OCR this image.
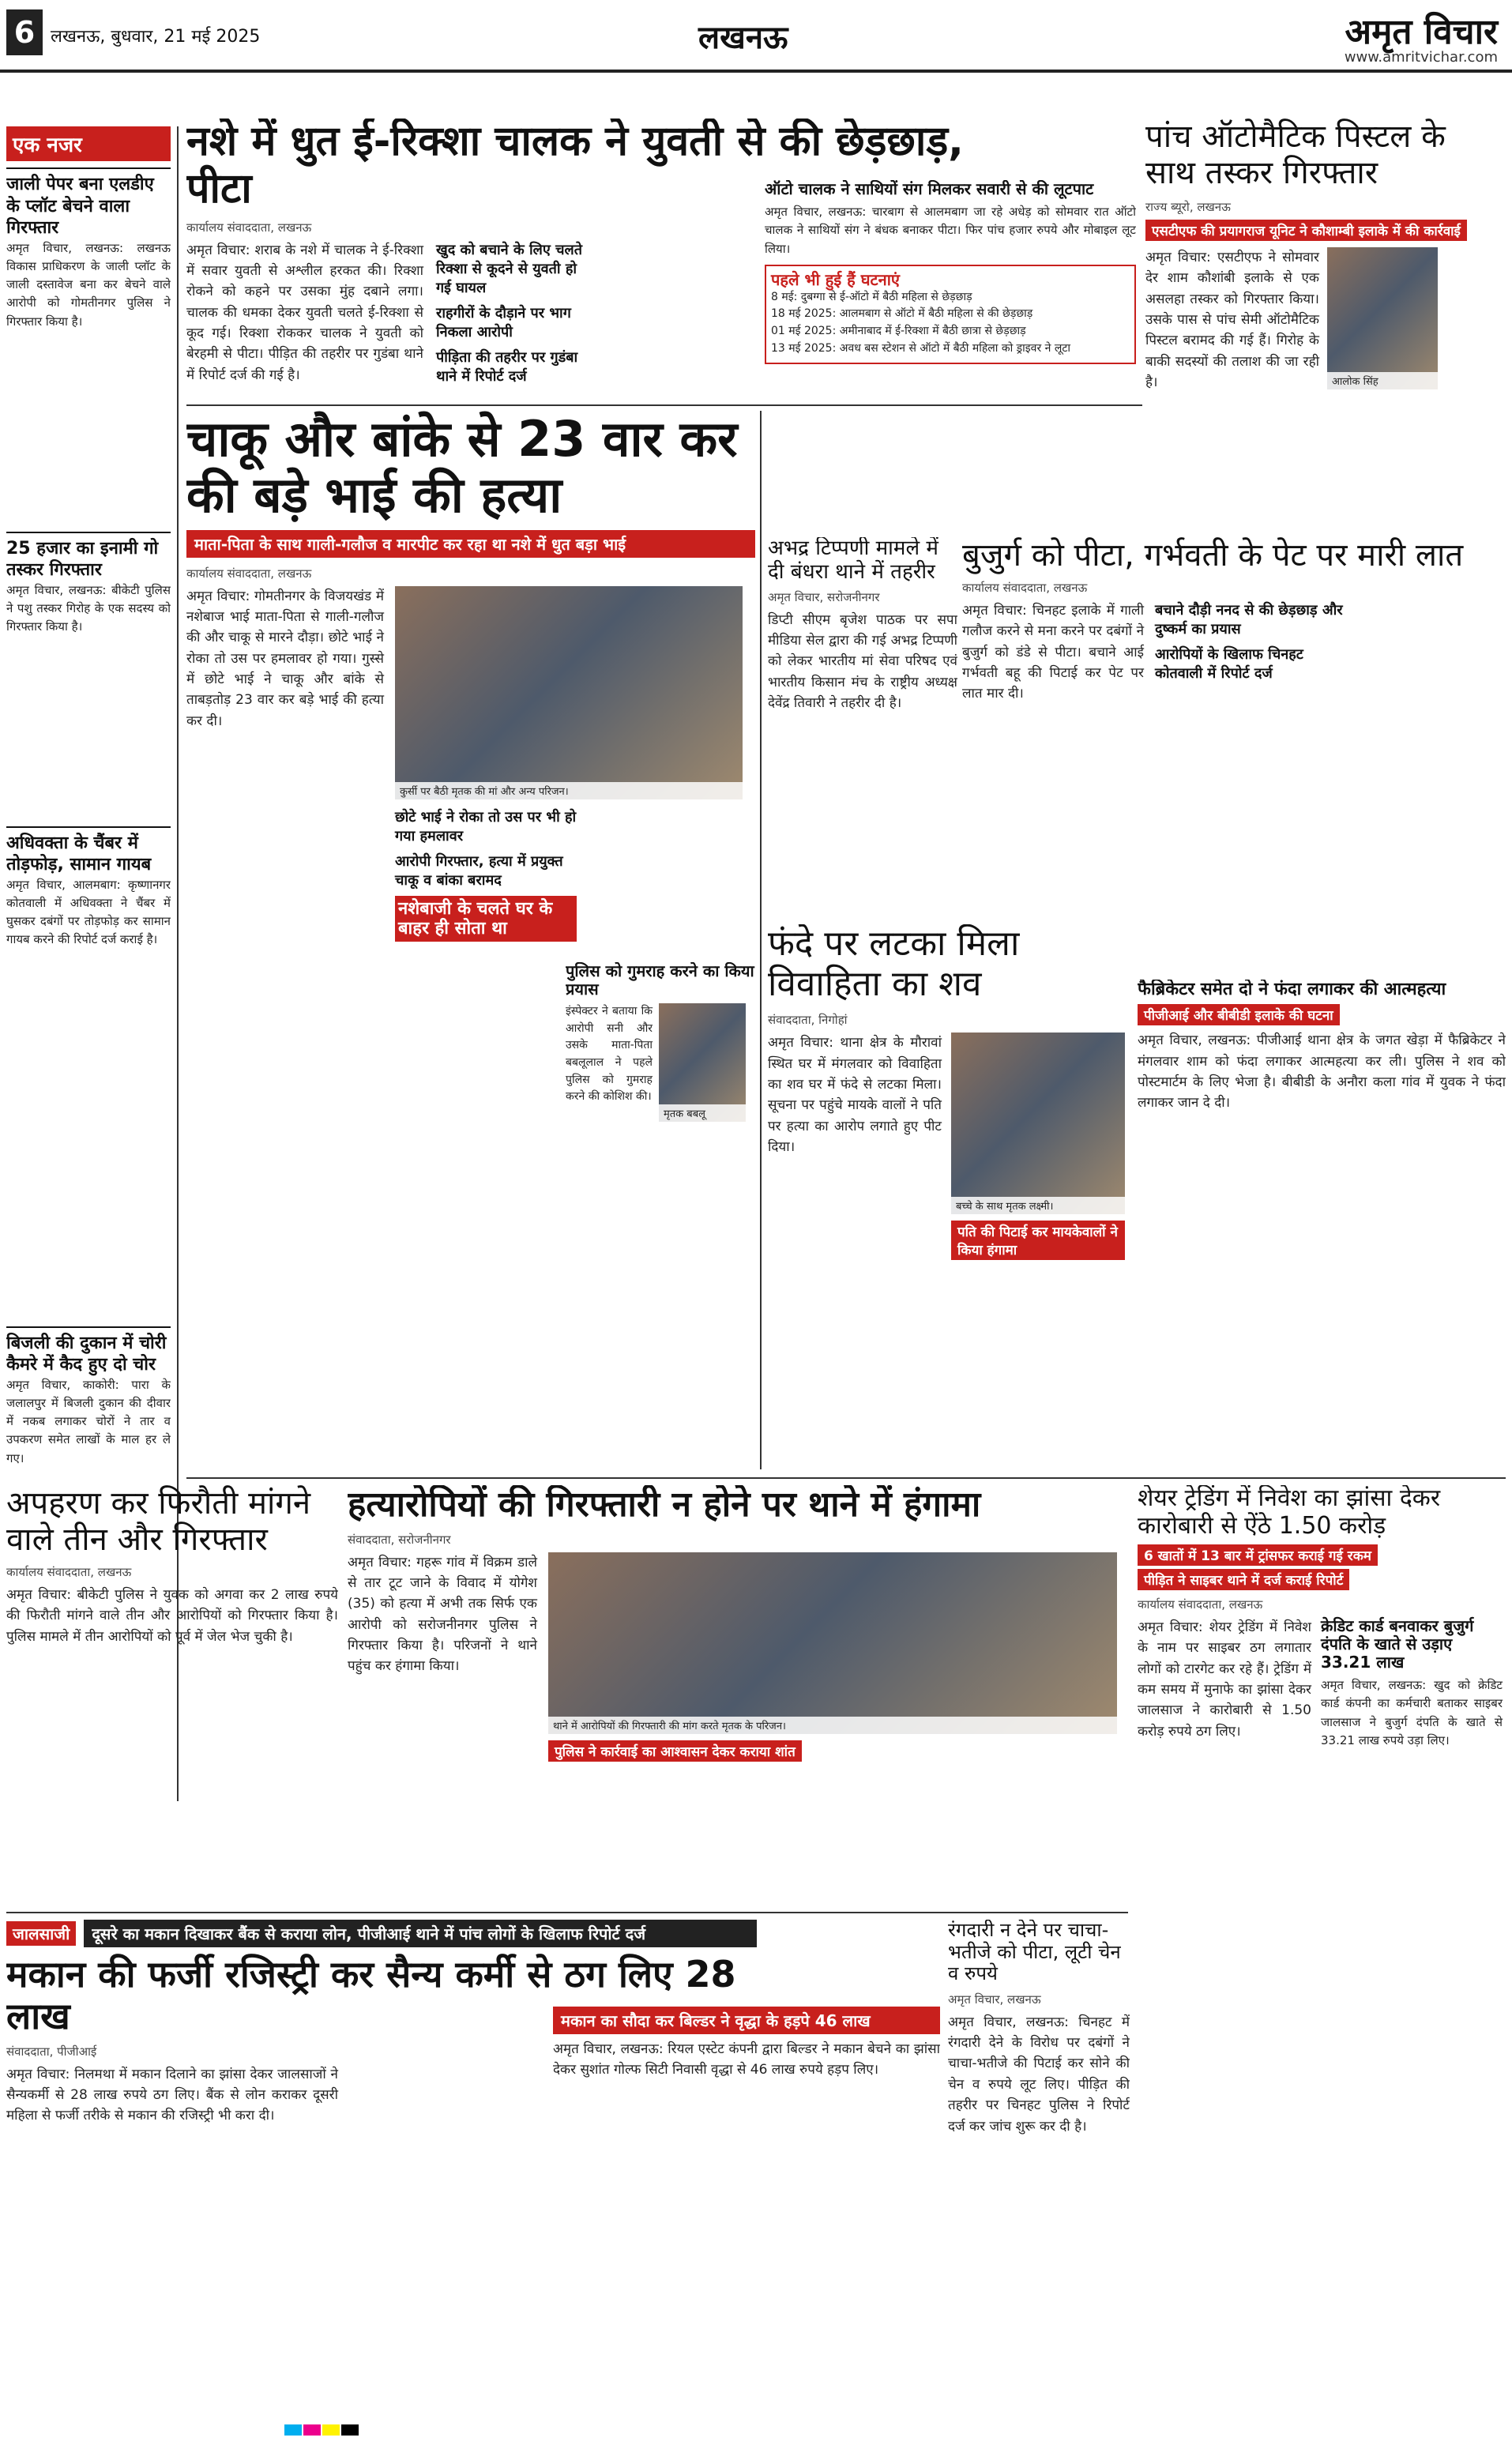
6 लखनऊ, बुधवार, 21 मई 2025	लखनऊ	अमृत विचार
www.amritvichar.com
एक नजर
जाली पेपर बना एलडीए के प्लॉट बेचने वाला गिरफ्तार
अमृत विचार, लखनऊ: लखनऊ विकास प्राधिकरण के जाली प्लॉट के जाली दस्तावेज बना कर बेचने वाले आरोपी को गोमतीनगर पुलिस ने गिरफ्तार किया है।
25 हजार का इनामी गो तस्कर गिरफ्तार
अमृत विचार, लखनऊ: बीकेटी पुलिस ने पशु तस्कर गिरोह के एक सदस्य को गिरफ्तार किया है।
अधिवक्ता के चैंबर में तोड़फोड़, सामान गायब
अमृत विचार, आलमबाग: कृष्णानगर कोतवाली में अधिवक्ता ने चैंबर में घुसकर दबंगों पर तोड़फोड़ कर सामान गायब करने की रिपोर्ट दर्ज कराई है।
बिजली की दुकान में चोरी कैमरे में कैद हुए दो चोर
अमृत विचार, काकोरी: पारा के जलालपुर में बिजली दुकान की दीवार में नकब लगाकर चोरों ने तार व उपकरण समेत लाखों के माल हर ले गए।
नशे में धुत ई-रिक्शा चालक ने युवती से की छेड़छाड़, पीटा
कार्यालय संवाददाता, लखनऊ
अमृत विचार: शराब के नशे में चालक ने ई-रिक्शा में सवार युवती से अश्लील हरकत की। रिक्शा रोकने को कहने पर उसका मुंह दबाने लगा। चालक की धमका देकर युवती चलते ई-रिक्शा से कूद गई। रिक्शा रोककर चालक ने युवती को बेरहमी से पीटा। पीड़ित की तहरीर पर गुडंबा थाने में रिपोर्ट दर्ज की गई है।
खुद को बचाने के लिए चलते रिक्शा से कूदने से युवती हो गई घायल
राहगीरों के दौड़ाने पर भाग निकला आरोपी
पीड़िता की तहरीर पर गुडंबा थाने में रिपोर्ट दर्ज
ऑटो चालक ने साथियों संग मिलकर सवारी से की लूटपाट
अमृत विचार, लखनऊ: चारबाग से आलमबाग जा रहे अधेड़ को सोमवार रात ऑटो चालक ने साथियों संग ने बंधक बनाकर पीटा। फिर पांच हजार रुपये और मोबाइल लूट लिया।
पहले भी हुई हैं घटनाएं
8 मई: दुबग्गा से ई-ऑटो में बैठी महिला से छेड़छाड़
18 मई 2025: आलमबाग से ऑटो में बैठी महिला से की छेड़छाड़
01 मई 2025: अमीनाबाद में ई-रिक्शा में बैठी छात्रा से छेड़छाड़
13 मई 2025: अवध बस स्टेशन से ऑटो में बैठी महिला को ड्राइवर ने लूटा
पांच ऑटोमैटिक पिस्टल के साथ तस्कर गिरफ्तार
राज्य ब्यूरो, लखनऊ
एसटीएफ की प्रयागराज यूनिट ने कौशाम्बी इलाके में की कार्रवाई
अमृत विचार: एसटीएफ ने सोमवार देर शाम कौशांबी इलाके से एक असलहा तस्कर को गिरफ्तार किया। उसके पास से पांच सेमी ऑटोमैटिक पिस्टल बरामद की गई हैं। गिरोह के बाकी सदस्यों की तलाश की जा रही है।	आलोक सिंह
चाकू और बांके से 23 वार कर की बड़े भाई की हत्या
माता-पिता के साथ गाली-गलौज व मारपीट कर रहा था नशे में धुत बड़ा भाई
कार्यालय संवाददाता, लखनऊ
अमृत विचार: गोमतीनगर के विजयखंड में नशेबाज भाई माता-पिता से गाली-गलौज की और चाकू से मारने दौड़ा। छोटे भाई ने रोका तो उस पर हमलावर हो गया। गुस्से में छोटे भाई ने चाकू और बांके से ताबड़तोड़ 23 वार कर बड़े भाई की हत्या कर दी।
कुर्सी पर बैठी मृतक की मां और अन्य परिजन।
छोटे भाई ने रोका तो उस पर भी हो गया हमलावर
आरोपी गिरफ्तार, हत्या में प्रयुक्त चाकू व बांका बरामद
नशेबाजी के चलते घर के बाहर ही सोता था
पुलिस को गुमराह करने का किया प्रयास
इंस्पेक्टर ने बताया कि आरोपी सनी और उसके माता-पिता बबलूलाल ने पहले पुलिस को गुमराह करने की कोशिश की।
मृतक बबलू
अभद्र टिप्पणी मामले में दी बंधरा थाने में तहरीर
अमृत विचार, सरोजनीनगर
डिप्टी सीएम बृजेश पाठक पर सपा मीडिया सेल द्वारा की गई अभद्र टिप्पणी को लेकर भारतीय मां सेवा परिषद एवं भारतीय किसान मंच के राष्ट्रीय अध्यक्ष देवेंद्र तिवारी ने तहरीर दी है।
बुजुर्ग को पीटा, गर्भवती के पेट पर मारी लात
कार्यालय संवाददाता, लखनऊ
अमृत विचार: चिनहट इलाके में गाली गलौज करने से मना करने पर दबंगों ने बुजुर्ग को डंडे से पीटा। बचाने आई गर्भवती बहू की पिटाई कर पेट पर लात मार दी।
बचाने दौड़ी ननद से की छेड़छाड़ और दुष्कर्म का प्रयास
आरोपियों के खिलाफ चिनहट कोतवाली में रिपोर्ट दर्ज
फंदे पर लटका मिला विवाहिता का शव
संवाददाता, निगोहां
अमृत विचार: थाना क्षेत्र के मौरावां स्थित घर में मंगलवार को विवाहिता का शव घर में फंदे से लटका मिला। सूचना पर पहुंचे मायके वालों ने पति पर हत्या का आरोप लगाते हुए पीट दिया।
बच्चे के साथ मृतक लक्ष्मी।
पति की पिटाई कर मायकेवालों ने किया हंगामा
फैब्रिकेटर समेत दो ने फंदा लगाकर की आत्महत्या
पीजीआई और बीबीडी इलाके की घटना
अमृत विचार, लखनऊ: पीजीआई थाना क्षेत्र के जगत खेड़ा में फैब्रिकेटर ने मंगलवार शाम को फंदा लगाकर आत्महत्या कर ली। पुलिस ने शव को पोस्टमार्टम के लिए भेजा है। बीबीडी के अनौरा कला गांव में युवक ने फंदा लगाकर जान दे दी।
अपहरण कर फिरौती मांगने वाले तीन और गिरफ्तार
कार्यालय संवाददाता, लखनऊ
अमृत विचार: बीकेटी पुलिस ने युवक को अगवा कर 2 लाख रुपये की फिरौती मांगने वाले तीन और आरोपियों को गिरफ्तार किया है। पुलिस मामले में तीन आरोपियों को पूर्व में जेल भेज चुकी है।
हत्यारोपियों की गिरफ्तारी न होने पर थाने में हंगामा
संवाददाता, सरोजनीनगर
अमृत विचार: गहरू गांव में विक्रम डाले से तार टूट जाने के विवाद में योगेश (35) को हत्या में अभी तक सिर्फ एक आरोपी को सरोजनीनगर पुलिस ने गिरफ्तार किया है। परिजनों ने थाने पहुंच कर हंगामा किया।
थाने में आरोपियों की गिरफ्तारी की मांग करते मृतक के परिजन।
पुलिस ने कार्रवाई का आश्वासन देकर कराया शांत
शेयर ट्रेडिंग में निवेश का झांसा देकर कारोबारी से ऐंठे 1.50 करोड़
6 खातों में 13 बार में ट्रांसफर कराई गई रकम पीड़ित ने साइबर थाने में दर्ज कराई रिपोर्ट
कार्यालय संवाददाता, लखनऊ
अमृत विचार: शेयर ट्रेडिंग में निवेश के नाम पर साइबर ठग लगातार लोगों को टारगेट कर रहे हैं। ट्रेडिंग में कम समय में मुनाफे का झांसा देकर जालसाज ने कारोबारी से 1.50 करोड़ रुपये ठग लिए।
क्रेडिट कार्ड बनवाकर बुजुर्ग दंपति के खाते से उड़ाए 33.21 लाख
अमृत विचार, लखनऊ: खुद को क्रेडिट कार्ड कंपनी का कर्मचारी बताकर साइबर जालसाज ने बुजुर्ग दंपति के खाते से 33.21 लाख रुपये उड़ा लिए।
जालसाजी	दूसरे का मकान दिखाकर बैंक से कराया लोन, पीजीआई थाने में पांच लोगों के खिलाफ रिपोर्ट दर्ज
मकान की फर्जी रजिस्ट्री कर सैन्य कर्मी से ठग लिए 28 लाख
संवाददाता, पीजीआई
अमृत विचार: निलमथा में मकान दिलाने का झांसा देकर जालसाजों ने सैन्यकर्मी से 28 लाख रुपये ठग लिए। बैंक से लोन कराकर दूसरी महिला से फर्जी तरीके से मकान की रजिस्ट्री भी करा दी।
मकान का सौदा कर बिल्डर ने वृद्धा के हड़पे 46 लाख
अमृत विचार, लखनऊ: रियल एस्टेट कंपनी द्वारा बिल्डर ने मकान बेचने का झांसा देकर सुशांत गोल्फ सिटी निवासी वृद्धा से 46 लाख रुपये हड़प लिए।
रंगदारी न देने पर चाचा-भतीजे को पीटा, लूटी चेन व रुपये
अमृत विचार, लखनऊ
अमृत विचार, लखनऊ: चिनहट में रंगदारी देने के विरोध पर दबंगों ने चाचा-भतीजे की पिटाई कर सोने की चेन व रुपये लूट लिए। पीड़ित की तहरीर पर चिनहट पुलिस ने रिपोर्ट दर्ज कर जांच शुरू कर दी है।
